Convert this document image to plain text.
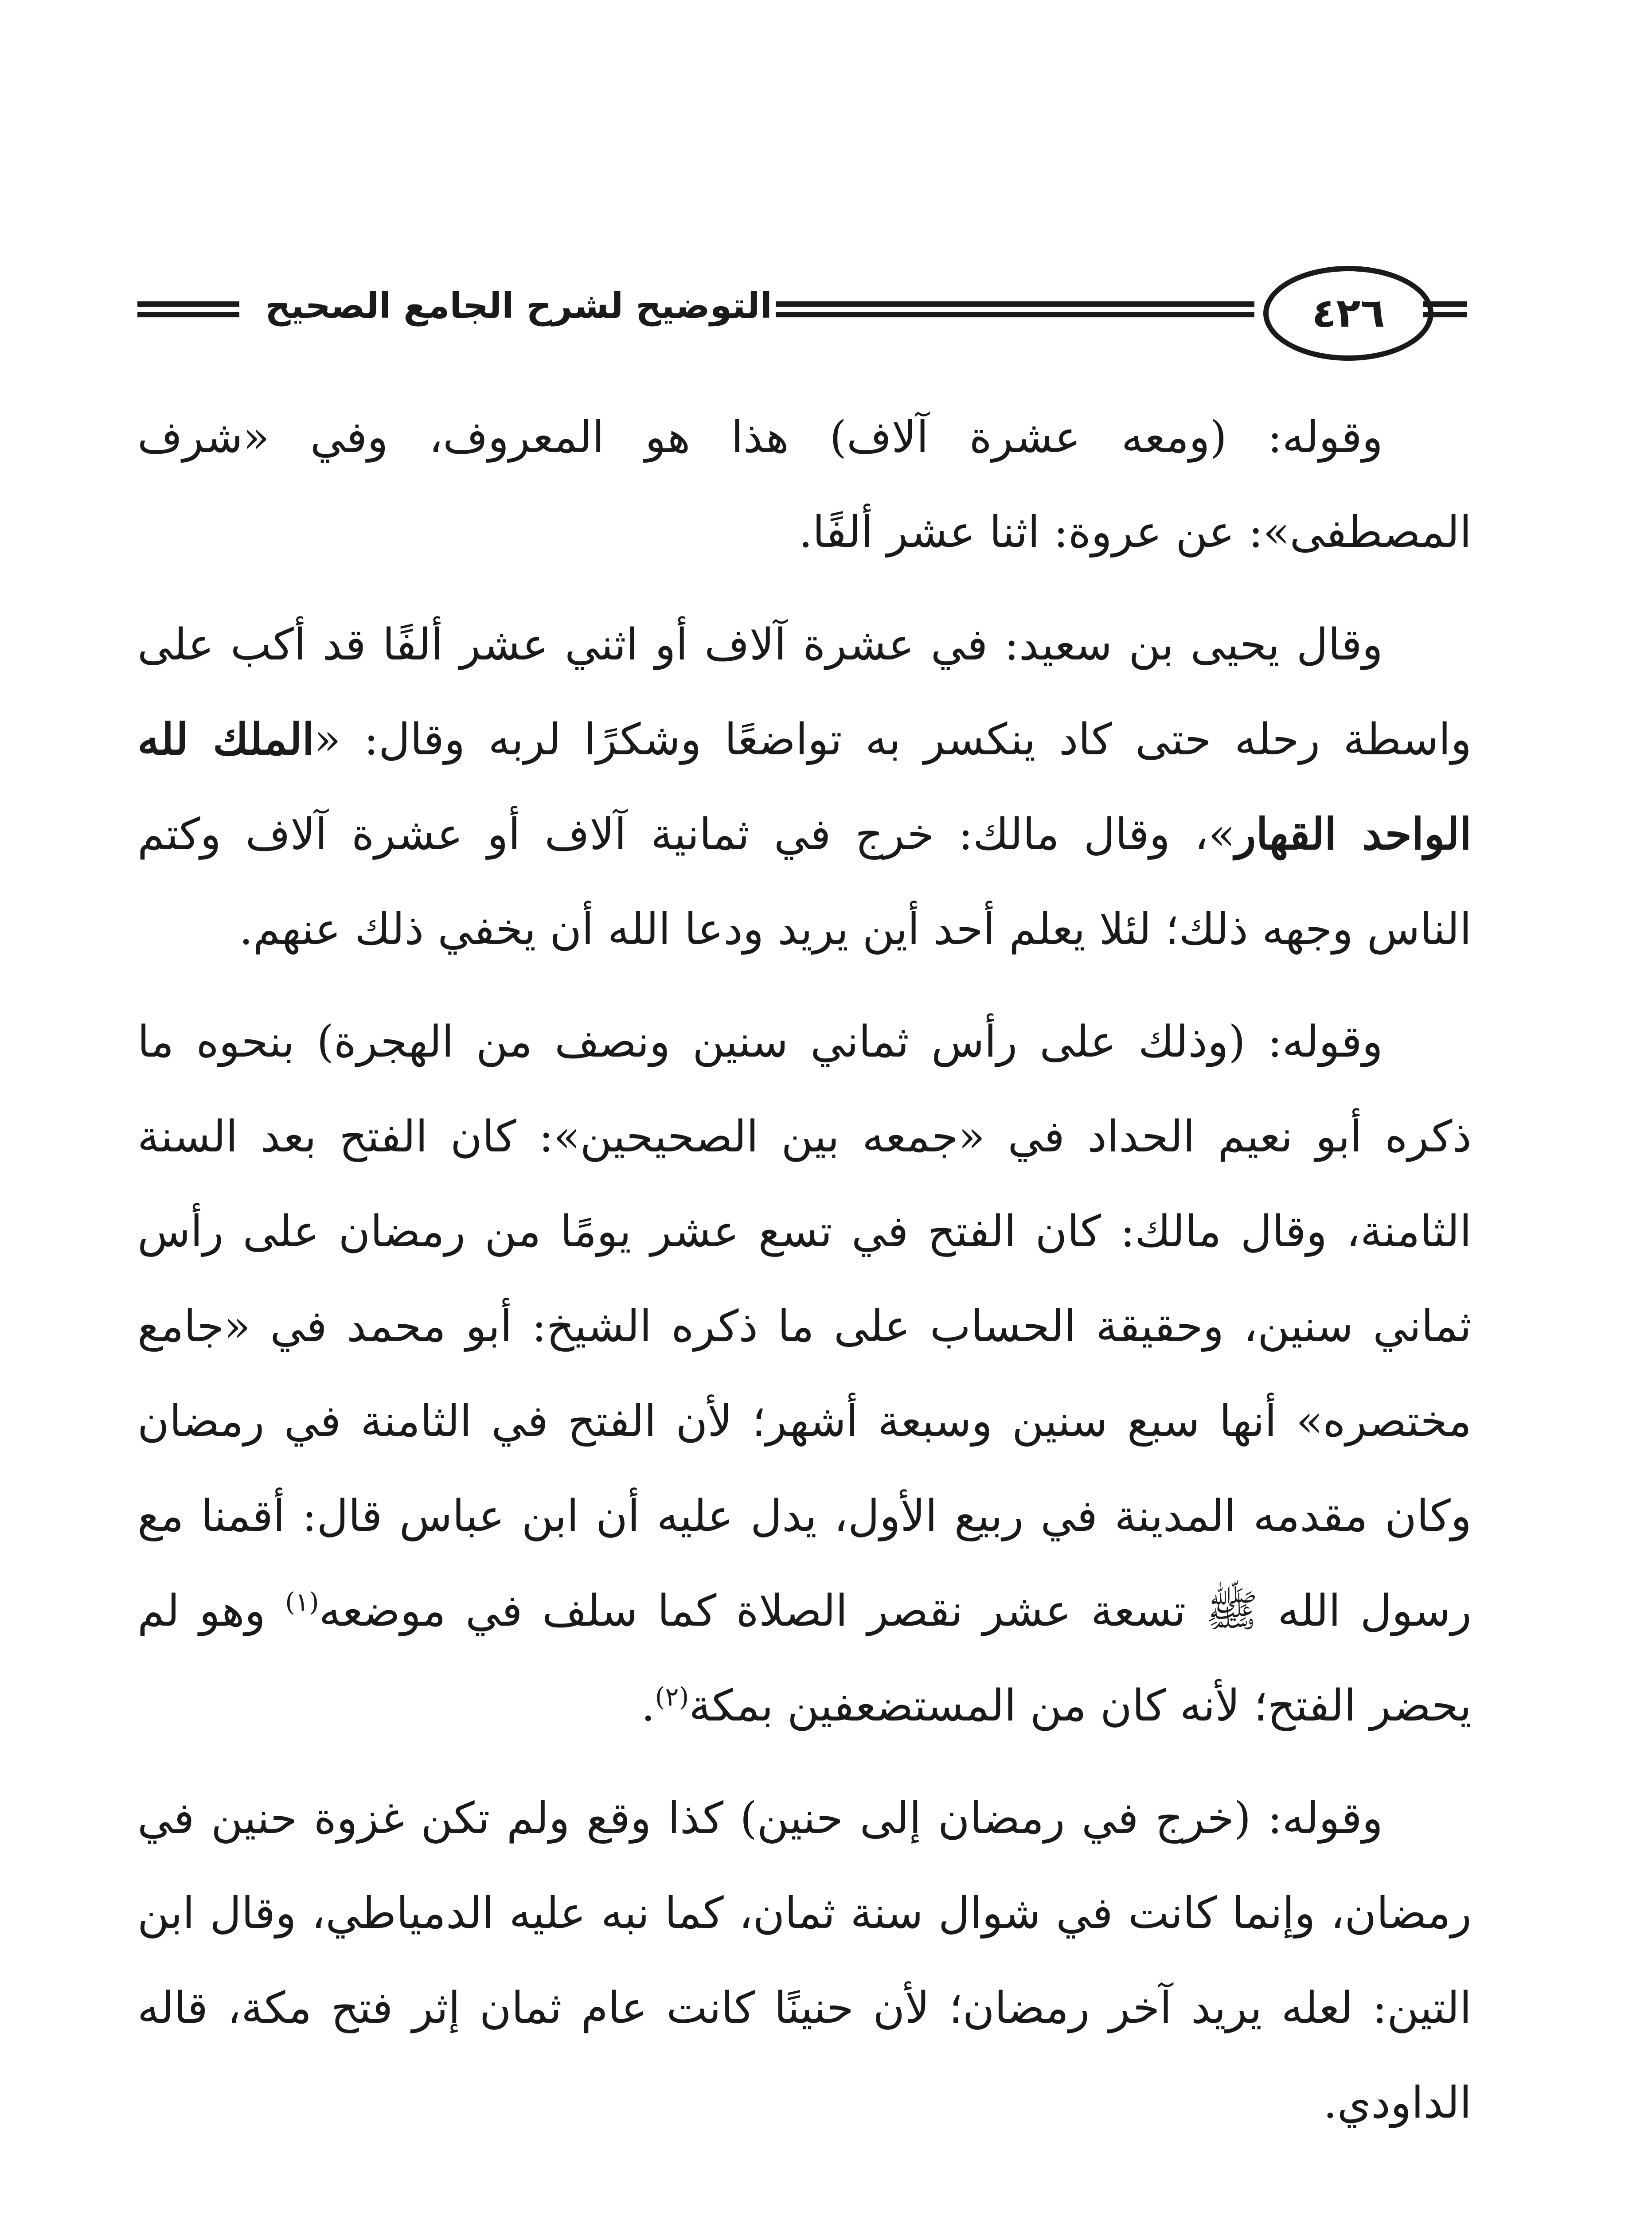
التوضيح لشرح الجامع الصحيح	٤٢٦

وقوله: (ومعه عشرة آلاف) هذا هو المعروف، وفي «شرف المصطفى»: عن عروة: اثنا عشر ألفًا.

وقال يحيى بن سعيد: في عشرة آلاف أو اثني عشر ألفًا قد أكب على واسطة رحله حتى كاد ينكسر به تواضعًا وشكرًا لربه وقال: «الملك لله الواحد القهار»، وقال مالك: خرج في ثمانية آلاف أو عشرة آلاف وكتم الناس وجهه ذلك؛ لئلا يعلم أحد أين يريد ودعا الله أن يخفي ذلك عنهم.

وقوله: (وذلك على رأس ثماني سنين ونصف من الهجرة) بنحوه ما ذكره أبو نعيم الحداد في «جمعه بين الصحيحين»: كان الفتح بعد السنة الثامنة، وقال مالك: كان الفتح في تسع عشر يومًا من رمضان على رأس ثماني سنين، وحقيقة الحساب على ما ذكره الشيخ: أبو محمد في «جامع مختصره» أنها سبع سنين وسبعة أشهر؛ لأن الفتح في الثامنة في رمضان وكان مقدمه المدينة في ربيع الأول، يدل عليه أن ابن عباس قال: أقمنا مع رسول الله ﷺ تسعة عشر نقصر الصلاة كما سلف في موضعه$^{(١)}$ وهو لم يحضر الفتح؛ لأنه كان من المستضعفين بمكة$^{(٢)}$.

وقوله: (خرج في رمضان إلى حنين) كذا وقع ولم تكن غزوة حنين في رمضان، وإنما كانت في شوال سنة ثمان، كما نبه عليه الدمياطي، وقال ابن التين: لعله يريد آخر رمضان؛ لأن حنينًا كانت عام ثمان إثر فتح مكة، قاله الداودي.
